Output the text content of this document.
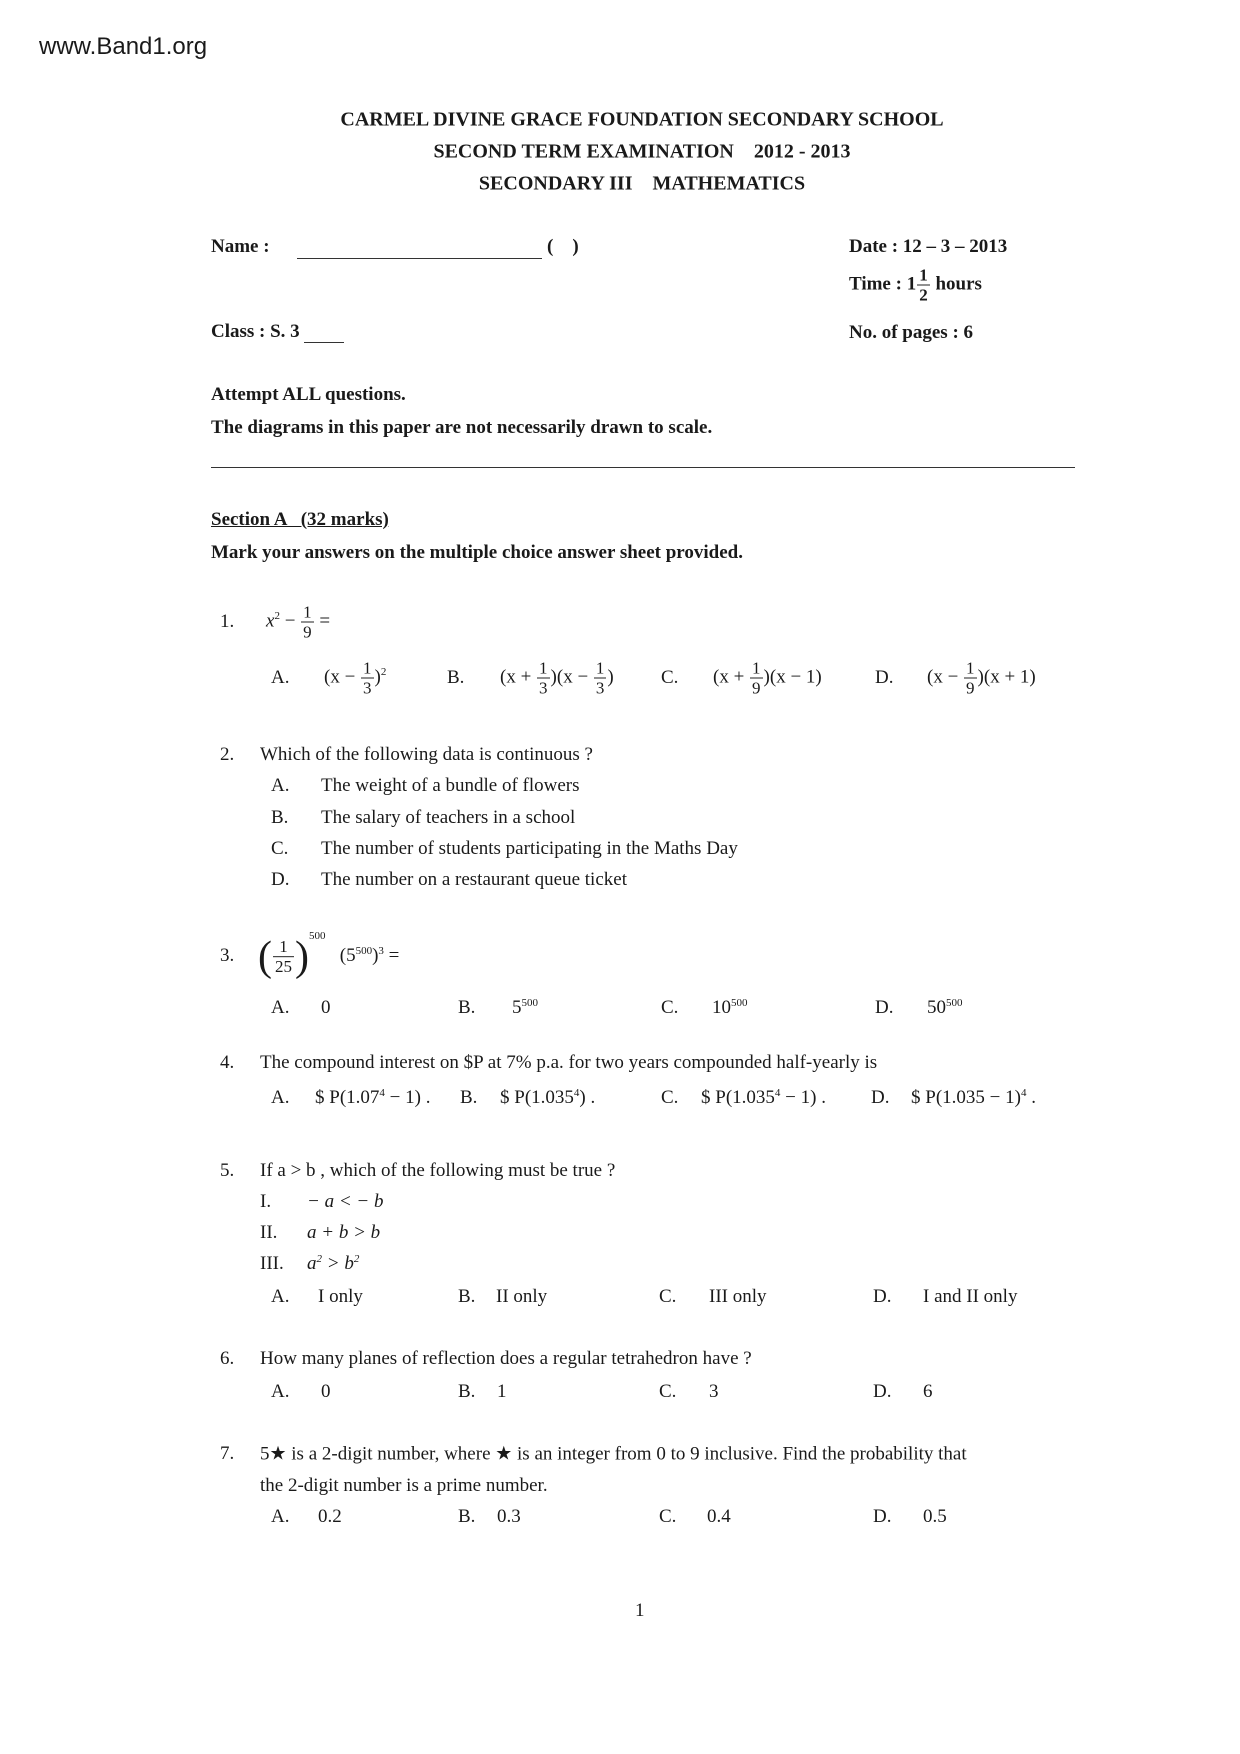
www.Band1.org
CARMEL DIVINE GRACE FOUNDATION SECONDARY SCHOOL
SECOND TERM EXAMINATION    2012 - 2013
SECONDARY III    MATHEMATICS
Name :	(    )	Date : 12 – 3 – 2013
Time : $1 \frac{1}{2}$ hours
Class : S. 3	No. of pages : 6
Attempt ALL questions.
The diagrams in this paper are not necessarily drawn to scale.
Section A   (32 marks)
Mark your answers on the multiple choice answer sheet provided.
1. $x^2 - \frac{1}{9}$ =
A. $(x - \frac{1}{3} )^2$	B. $(x + \frac{1}{3} )(x - \frac{1}{3}$ ) C. $(x + \frac{1}{9} )(x - 1)$	D. $(x - \frac{1}{9} )(x + 1)$
2. Which of the following data is continuous ?
A. The weight of a bundle of flowers
B. The salary of teachers in a school
C. The number of students participating in the Maths Day
D. The number on a restaurant queue ticket
3. ( $\frac{1}{25} )^{500}$   $(5^{500})^3$ =
A. 0	B. $5^{500}$	C. $10^{500}$	D. $50^{500}$
4. The compound interest on $P at 7% p.a. for two years compounded half-yearly is
A. $ $P(1.07^4 - 1)$ . B. $ P(1.035$^4$) .	C. $ $P(1.035^4 - 1)$ . D. $ $P(1.035 - 1)^4$ .
5. If a > b , which of the following must be true ?
I. − a < − b
II. a + b > b
III. $a^2 > b^2$
A. I only	B. II only	C. III only	D. I and II only
6. How many planes of reflection does a regular tetrahedron have ?
A. 0	B. 1	C. 3	D. 6
7. 5★ is a 2-digit number, where ★ is an integer from 0 to 9 inclusive. Find the probability that
the 2-digit number is a prime number.
A. 0.2	B. 0.3	C. 0.4	D. 0.5
1
